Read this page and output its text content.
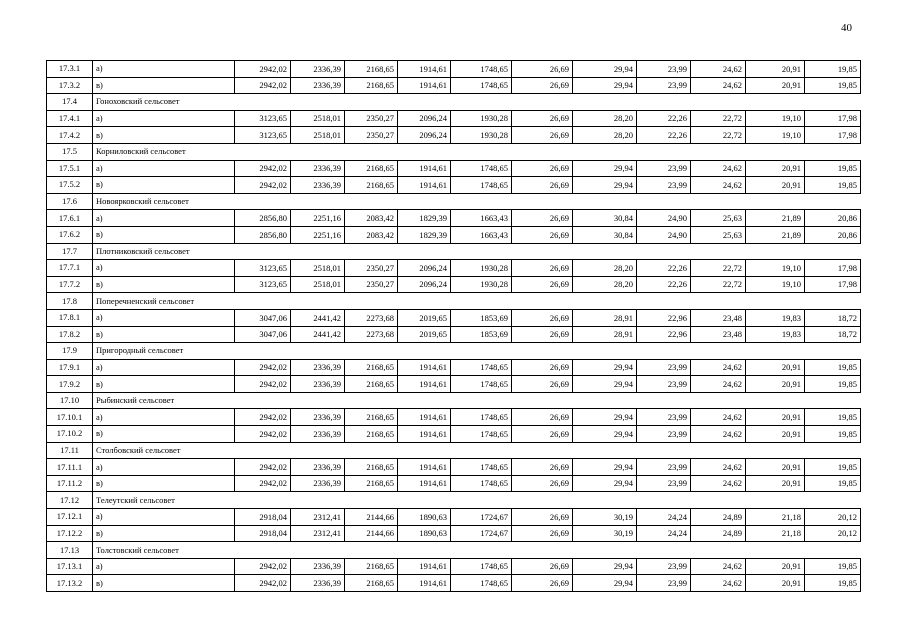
40
17.3.1	а)	2942,02	2336,39	2168,65	1914,61	1748,65	26,69	29,94	23,99	24,62	20,91	19,85
17.3.2	в)	2942,02	2336,39	2168,65	1914,61	1748,65	26,69	29,94	23,99	24,62	20,91	19,85
17.4	Гоноховский сельсовет											
17.4.1	а)	3123,65	2518,01	2350,27	2096,24	1930,28	26,69	28,20	22,26	22,72	19,10	17,98
17.4.2	в)	3123,65	2518,01	2350,27	2096,24	1930,28	26,69	28,20	22,26	22,72	19,10	17,98
17.5	Корниловский сельсовет											
17.5.1	а)	2942,02	2336,39	2168,65	1914,61	1748,65	26,69	29,94	23,99	24,62	20,91	19,85
17.5.2	в)	2942,02	2336,39	2168,65	1914,61	1748,65	26,69	29,94	23,99	24,62	20,91	19,85
17.6	Новоярковский сельсовет											
17.6.1	а)	2856,80	2251,16	2083,42	1829,39	1663,43	26,69	30,84	24,90	25,63	21,89	20,86
17.6.2	в)	2856,80	2251,16	2083,42	1829,39	1663,43	26,69	30,84	24,90	25,63	21,89	20,86
17.7	Плотниковский сельсовет											
17.7.1	а)	3123,65	2518,01	2350,27	2096,24	1930,28	26,69	28,20	22,26	22,72	19,10	17,98
17.7.2	в)	3123,65	2518,01	2350,27	2096,24	1930,28	26,69	28,20	22,26	22,72	19,10	17,98
17.8	Поперечненский сельсовет											
17.8.1	а)	3047,06	2441,42	2273,68	2019,65	1853,69	26,69	28,91	22,96	23,48	19,83	18,72
17.8.2	в)	3047,06	2441,42	2273,68	2019,65	1853,69	26,69	28,91	22,96	23,48	19,83	18,72
17.9	Пригородный сельсовет											
17.9.1	а)	2942,02	2336,39	2168,65	1914,61	1748,65	26,69	29,94	23,99	24,62	20,91	19,85
17.9.2	в)	2942,02	2336,39	2168,65	1914,61	1748,65	26,69	29,94	23,99	24,62	20,91	19,85
17.10	Рыбинский сельсовет											
17.10.1	а)	2942,02	2336,39	2168,65	1914,61	1748,65	26,69	29,94	23,99	24,62	20,91	19,85
17.10.2	в)	2942,02	2336,39	2168,65	1914,61	1748,65	26,69	29,94	23,99	24,62	20,91	19,85
17.11	Столбовский сельсовет											
17.11.1	а)	2942,02	2336,39	2168,65	1914,61	1748,65	26,69	29,94	23,99	24,62	20,91	19,85
17.11.2	в)	2942,02	2336,39	2168,65	1914,61	1748,65	26,69	29,94	23,99	24,62	20,91	19,85
17.12	Телеутский сельсовет											
17.12.1	а)	2918,04	2312,41	2144,66	1890,63	1724,67	26,69	30,19	24,24	24,89	21,18	20,12
17.12.2	в)	2918,04	2312,41	2144,66	1890,63	1724,67	26,69	30,19	24,24	24,89	21,18	20,12
17.13	Толстовский сельсовет											
17.13.1	а)	2942,02	2336,39	2168,65	1914,61	1748,65	26,69	29,94	23,99	24,62	20,91	19,85
17.13.2	в)	2942,02	2336,39	2168,65	1914,61	1748,65	26,69	29,94	23,99	24,62	20,91	19,85
